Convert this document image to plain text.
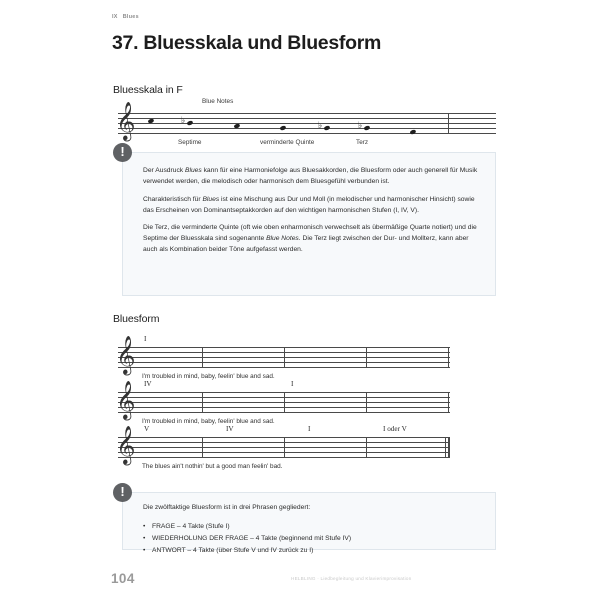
IX Blues
37. Bluesskala und Bluesform
Bluesskala in F
𝄞	♭	♭	♭
Blue Notes
Septime	verminderte Quinte	Terz
!

Der Ausdruck Blues kann für eine Harmoniefolge aus Bluesakkorden, die Bluesform oder auch generell für Musik verwendet werden, die melodisch oder harmonisch dem Bluesgefühl verbunden ist.

Charakteristisch für Blues ist eine Mischung aus Dur und Moll (in melodischer und harmonischer Hinsicht) sowie das Erscheinen von Dominantseptakkorden auf den wichtigen harmonischen Stufen (I, IV, V).

Die Terz, die verminderte Quinte (oft wie oben enharmonisch verwechselt als übermäßige Quarte notiert) und die Septime der Bluesskala sind sogenannte Blue Notes. Die Terz liegt zwischen der Dur- und Mollterz, kann aber auch als Kombination beider Töne aufgefasst werden.

Bluesform
𝄞 I
I'm troubled in mind, baby, feelin' blue and sad.
𝄞 IV	I
I'm troubled in mind, baby, feelin' blue and sad.
𝄞 V	IV	I	I oder V
The blues ain't nothin' but a good man feelin' bad.
!

Die zwölftaktige Bluesform ist in drei Phrasen gegliedert:

• FRAGE – 4 Takte (Stufe I)
• WIEDERHOLUNG DER FRAGE – 4 Takte (beginnend mit Stufe IV)
• ANTWORT – 4 Takte (über Stufe V und IV zurück zu I)
104	HELBLING · Liedbegleitung und Klavierimprovisation
